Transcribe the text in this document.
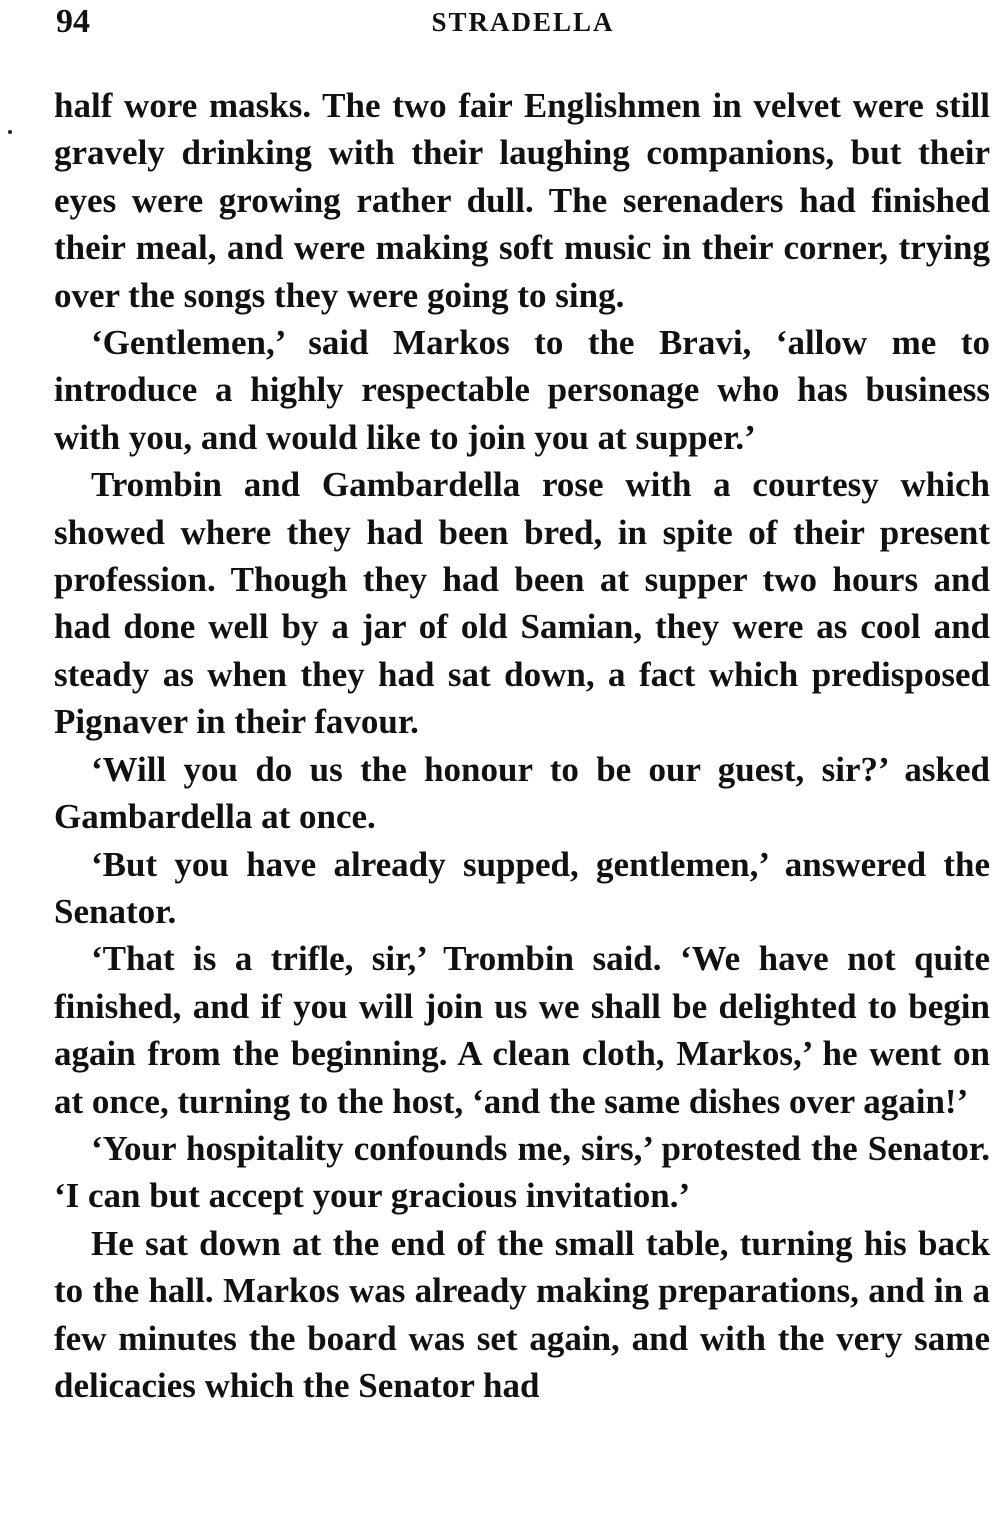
94	STRADELLA

half wore masks. The two fair Englishmen in velvet were still gravely drinking with their laughing companions, but their eyes were growing rather dull. The serenaders had finished their meal, and were making soft music in their corner, trying over the songs they were going to sing.

‘Gentlemen,’ said Markos to the Bravi, ‘allow me to introduce a highly respectable personage who has business with you, and would like to join you at supper.’

Trombin and Gambardella rose with a courtesy which showed where they had been bred, in spite of their present profession. Though they had been at supper two hours and had done well by a jar of old Samian, they were as cool and steady as when they had sat down, a fact which predisposed Pignaver in their favour.

‘Will you do us the honour to be our guest, sir?’ asked Gambardella at once.

‘But you have already supped, gentlemen,’ answered the Senator.

‘That is a trifle, sir,’ Trombin said. ‘We have not quite finished, and if you will join us we shall be delighted to begin again from the beginning. A clean cloth, Markos,’ he went on at once, turning to the host, ‘and the same dishes over again!’

‘Your hospitality confounds me, sirs,’ protested the Senator. ‘I can but accept your gracious invitation.’

He sat down at the end of the small table, turning his back to the hall. Markos was already making preparations, and in a few minutes the board was set again, and with the very same delicacies which the Senator had
